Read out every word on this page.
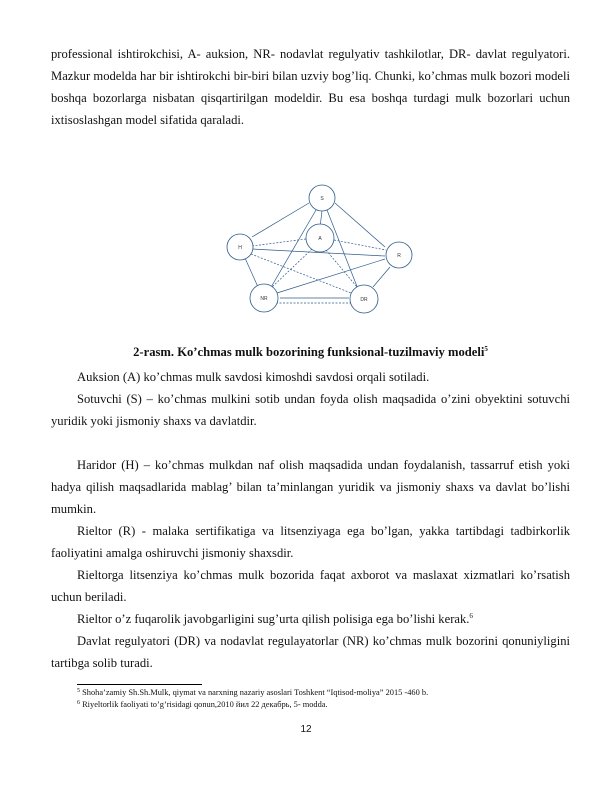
professional ishtirokchisi, A- auksion, NR- nodavlat regulyativ tashkilotlar, DR- davlat regulyatori. Mazkur modelda har bir ishtirokchi bir-biri bilan uzviy bog’liq. Chunki, ko’chmas mulk bozori modeli boshqa bozorlarga nisbatan qisqartirilgan modeldir. Bu esa boshqa turdagi mulk bozorlari uchun ixtisoslashgan model sifatida qaraladi.

S
H
A
R
NR	DR
2-rasm. Ko’chmas mulk bozorining funksional-tuzilmaviy modeli$^5$

Auksion (A) ko’chmas mulk savdosi kimoshdi savdosi orqali sotiladi.

Sotuvchi (S) – ko’chmas mulkini sotib undan foyda olish maqsadida o’zini obyektini sotuvchi yuridik yoki jismoniy shaxs va davlatdir.

Haridor (H) – ko’chmas mulkdan naf olish maqsadida undan foydalanish, tassarruf etish yoki hadya qilish maqsadlarida mablag’ bilan ta’minlangan yuridik va jismoniy shaxs va davlat bo’lishi mumkin.

Rieltor (R) - malaka sertifikatiga va litsenziyaga ega bo’lgan, yakka tartibdagi tadbirkorlik faoliyatini amalga oshiruvchi jismoniy shaxsdir.

Rieltorga litsenziya ko’chmas mulk bozorida faqat axborot va maslaxat xizmatlari ko’rsatish uchun beriladi.

Rieltor o’z fuqarolik javobgarligini sug’urta qilish polisiga ega bo’lishi kerak.$^6$

Davlat regulyatori (DR) va nodavlat regulayatorlar (NR) ko’chmas mulk bozorini qonuniyligini tartibga solib turadi.

$^5$ Shoha’zamiy Sh.Sh.Mulk, qiymat va narxning nazariy asoslari Toshkent “Iqtisod-moliya” 2015 -460 b.
$^6$ Riyeltorlik faoliyati to’g’risidagi qonun,2010 йил 22 декабрь, 5- modda.
12
